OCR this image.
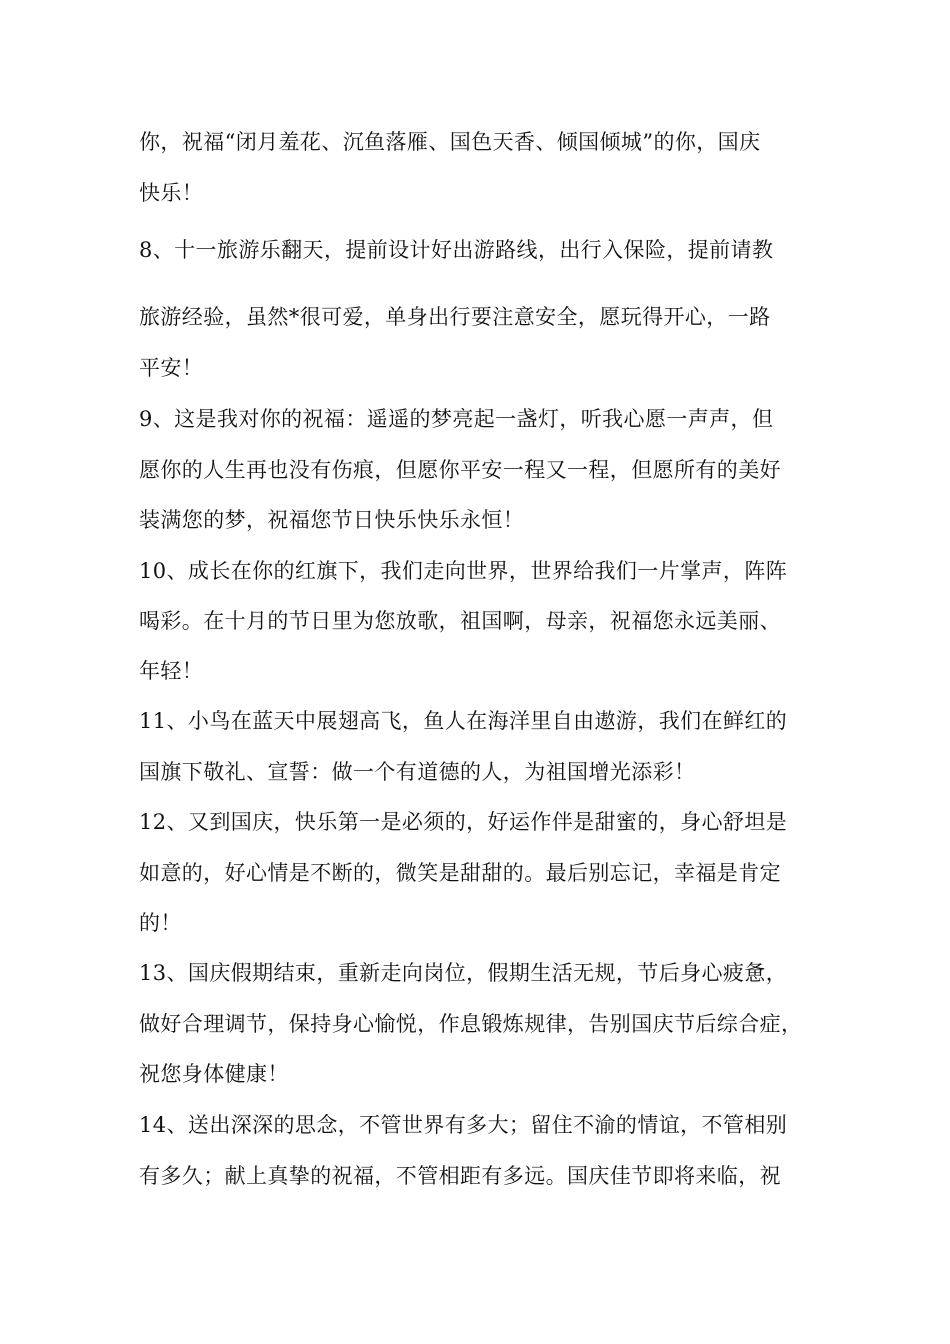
你，祝福“闭月羞花、沉鱼落雁、国色天香、倾国倾城”的你，国庆
快乐！
8、十一旅游乐翻天，提前设计好出游路线，出行入保险，提前请教
旅游经验，虽然*很可爱，单身出行要注意安全，愿玩得开心，一路
平安！
9、这是我对你的祝福：遥遥的梦亮起一盏灯，听我心愿一声声，但
愿你的人生再也没有伤痕，但愿你平安一程又一程，但愿所有的美好
装满您的梦，祝福您节日快乐快乐永恒！
10、成长在你的红旗下，我们走向世界，世界给我们一片掌声，阵阵
喝彩。在十月的节日里为您放歌，祖国啊，母亲，祝福您永远美丽、
年轻！
11、小鸟在蓝天中展翅高飞，鱼人在海洋里自由遨游，我们在鲜红的
国旗下敬礼、宣誓：做一个有道德的人，为祖国增光添彩！
12、又到国庆，快乐第一是必须的，好运作伴是甜蜜的，身心舒坦是
如意的，好心情是不断的，微笑是甜甜的。最后别忘记，幸福是肯定
的！
13、国庆假期结束，重新走向岗位，假期生活无规，节后身心疲惫，
做好合理调节，保持身心愉悦，作息锻炼规律，告别国庆节后综合症，
祝您身体健康！
14、送出深深的思念，不管世界有多大；留住不渝的情谊，不管相别
有多久；献上真挚的祝福，不管相距有多远。国庆佳节即将来临，祝
